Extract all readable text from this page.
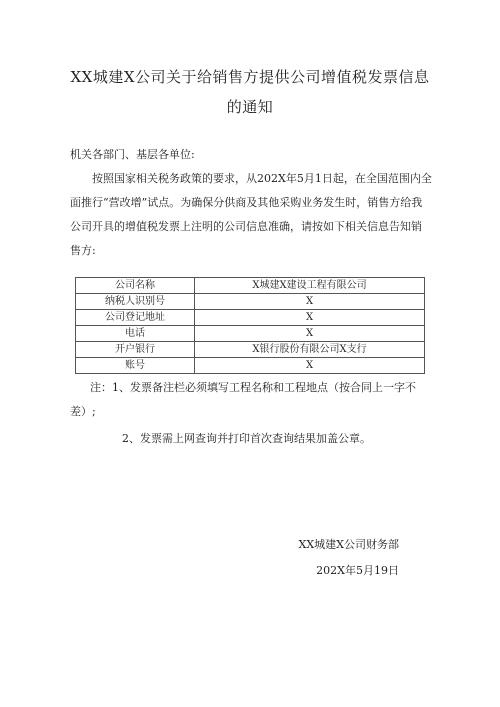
XX城建X公司关于给销售方提供公司增值税发票信息的通知
机关各部门、基层各单位:
按照国家相关税务政策的要求，从202X年5月1日起，在全国范围内全面推行“营改增”试点。为确保分供商及其他采购业务发生时，销售方给我公司开具的增值税发票上注明的公司信息准确，请按如下相关信息告知销售方:
公司名称	X城建X建设工程有限公司
纳税人识别号	X
公司登记地址	X
电话	X
开户银行	X银行股份有限公司X支行
账号	X
注：1、发票备注栏必须填写工程名称和工程地点（按合同上一字不差）;
2、发票需上网查询并打印首次查询结果加盖公章。
XX城建X公司财务部
202X年5月19日
